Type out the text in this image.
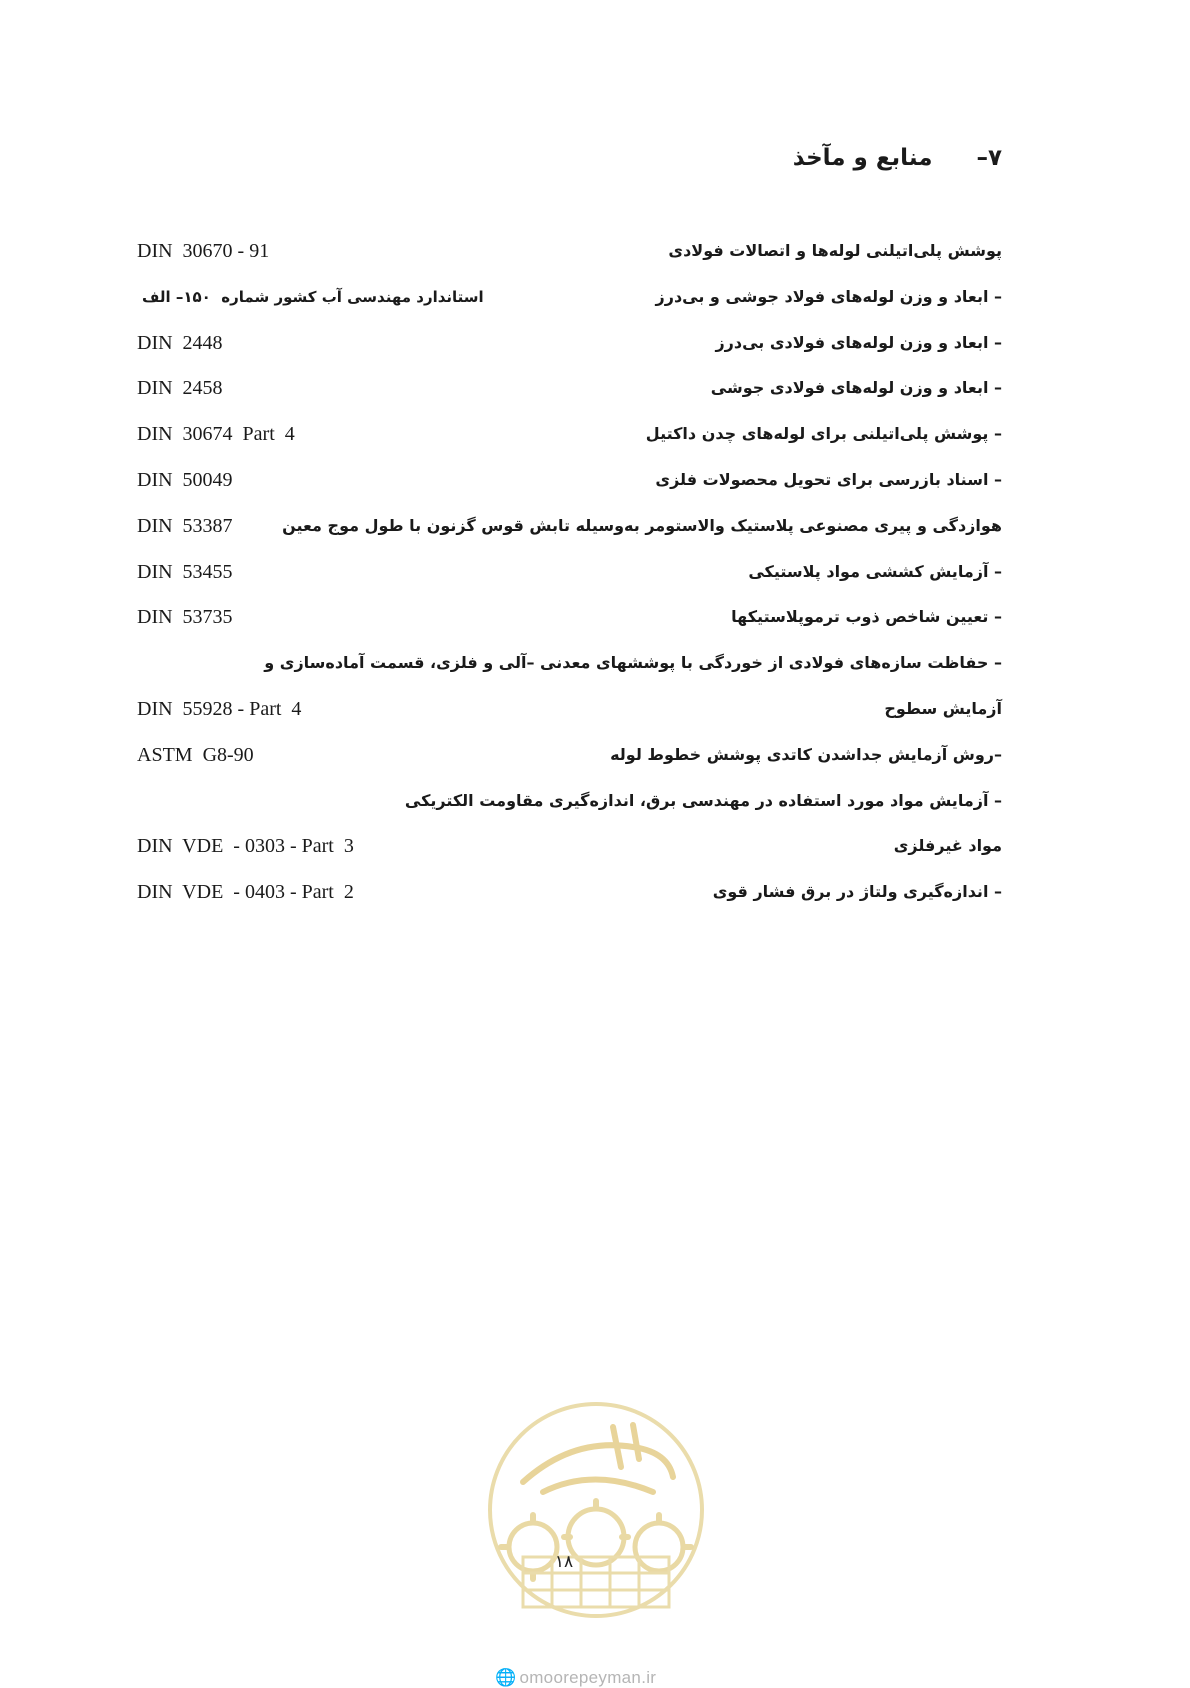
۷–
منابع و مآخذ
پوشش پلی‌اتیلنی لوله‌ها و اتصالات فولادی
DIN  30670 - 91
– ابعاد و وزن لوله‌های فولاد جوشی و بی‌درز
استاندارد مهندسی آب کشور شماره  ۱۵۰– الف
– ابعاد و وزن لوله‌های فولادی بی‌درز
DIN  2448
– ابعاد و وزن لوله‌های فولادی جوشی
DIN  2458
– پوشش پلی‌اتیلنی برای لوله‌های چدن داکتیل
DIN  30674  Part  4
– اسناد بازرسی برای تحویل محصولات فلزی
DIN  50049
هوازدگی و پیری مصنوعی پلاستیک والاستومر به‌وسیله تابش قوس گزنون با طول موج معین
DIN  53387
– آزمایش کششی مواد پلاستیکی
DIN  53455
– تعیین شاخص ذوب ترموپلاستیکها
DIN  53735
– حفاظت سازه‌های فولادی از خوردگی با پوششهای معدنی –آلی و فلزی، قسمت آماده‌سازی و
آزمایش سطوح
DIN  55928 - Part  4
–روش آزمایش جداشدن کاتدی پوشش خطوط لوله
ASTM  G8-90
– آزمایش مواد مورد استفاده در مهندسی برق، اندازه‌گیری مقاومت الکتریکی
مواد غیرفلزی
DIN  VDE  - 0303 - Part  3
– اندازه‌گیری ولتاژ در برق فشار قوی
DIN  VDE  - 0403 - Part  2
۱۸
🌐 omoorepeyman.ir
